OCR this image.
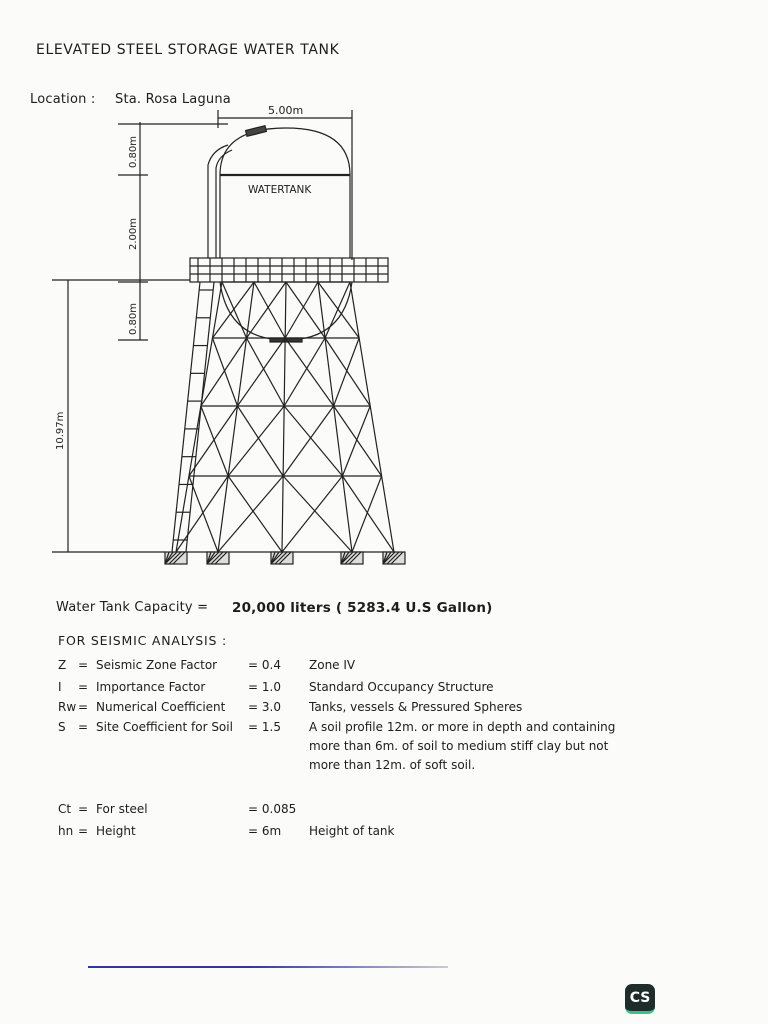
ELEVATED STEEL STORAGE WATER TANK
Location : Sta. Rosa Laguna
5.00m
WATERTANK
0.80m
2.00m
0.80m
10.97m
Water Tank Capacity = 20,000 liters ( 5283.4 U.S Gallon)
FOR SEISMIC ANALYSIS :
Z = Seismic Zone Factor	= 0.4 Zone IV
I = Importance Factor	= 1.0 Standard Occupancy Structure
Rw = Numerical Coefficient = 3.0 Tanks, vessels & Pressured Spheres
S = Site Coefficient for Soil = 1.5 A soil profile 12m. or more in depth and containing
more than 6m. of soil to medium stiff clay but not
more than 12m. of soft soil.
Ct = For steel	= 0.085
hn = Height	= 6m Height of tank
CS
